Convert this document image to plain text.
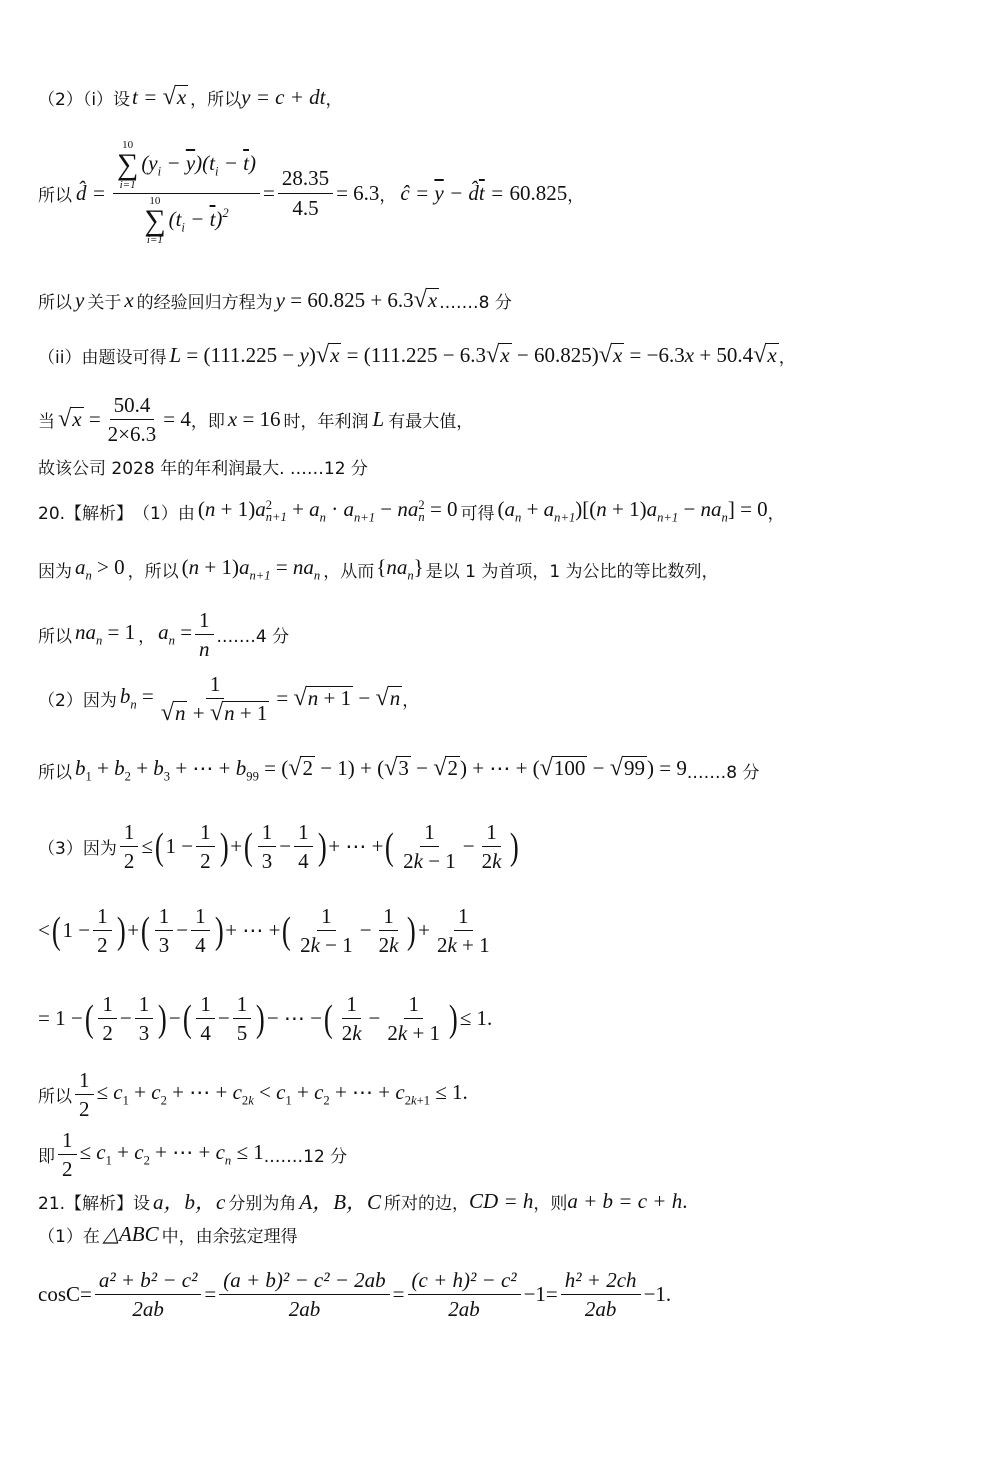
（2）（i）设 t = √ x ，所以 y = c + dt ，
所以 d̂ = 10
∑
i=1
$(y_i - \overline{y})(t_i - \overline{t})$
10
∑
i=1
$(t_i - \overline{t})^2 = \frac{28.35}{4.5} = 6.3$ ， ĉ = $\overline{y}$ − $d̂\overline{t} = 60.825$ ，
所以 y 关于 x 的经验回归方程为 y = 60.825 + 6.3 √ x .……8 分
（ii）由题设可得 L = (111.225 − y) √ x = (111.225 − 6.3 √ x − 60.825) √ x = −6.3x + 50.4 √ x ，
当 √ $x = \frac{50.4}{2\times 6.3} = 4$ ，即 x = 16 时，年利润 L 有最大值，
故该公司 2028 年的年利润最大. ……12 分
20.【解析】 （1）由 (n + 1)a 2
$n+1 + a_n \cdot a_{n+1}$ − na 2
n = 0 可得 $(a_n + a_{n+1})[(n + 1)a_{n+1} - na_n] = 0$ ，
因为 $a_n > 0$ ，所以 $(n + 1)a_{n+1} = na_n$ ，从而 $\{na_n\}$ 是以 1 为首项，1 为公比的等比数列，
所以 $na_n = 1$ ， $a_n = \frac{1}{n}$ .……4 分
（2）因为 $b_n = \frac{1}{√ n + √ n + 1}$ = √ n + 1 − √ n ，
所以 $b_1 + b_2 + b_3$ + ⋯ + $b_{99}$ = ( √ 2 − 1) + ( √ 3 − √ 2 ) + ⋯ + ( √ 100 − √ 99 ) = 9 .……8 分
（3）因为 $\frac{1}{2}$ ≤ ( $1 - \frac{1}{2}$ ) + ( $\frac{1}{3} - \frac{1}{4}$ ) + ⋯ + ( $\frac{1}{2k - 1} - \frac{1}{2k}$ )
< ( $1 - \frac{1}{2}$ ) + ( $\frac{1}{3} - \frac{1}{4}$ ) + ⋯ + ( $\frac{1}{2k - 1} - \frac{1}{2k}$ ) + $\frac{1}{2k + 1}$
= 1 − ( $\frac{1}{2} - \frac{1}{3}$ ) − ( $\frac{1}{4} - \frac{1}{5}$ ) − ⋯ − ( $\frac{1}{2k} - \frac{1}{2k + 1}$ ) ≤ 1.
所以 $\frac{1}{2} \le c_1 + c_2$ + ⋯ + $c_{2k} < c_1 + c_2$ + ⋯ + $c_{2k+1} \le 1$.
即 $\frac{1}{2} \le c_1 + c_2$ + ⋯ + $c_n \le 1$ .……12 分
21.【解析】 设 a，b，c 分别为角 A，B，C 所对的边， CD = h ，则 a + b = c + h .
（1）在 △ABC 中，由余弦定理得
$\cos C = \frac{\text{a² + b² − c²}}{2ab} = \frac{\text{(a + b)² − c² − 2ab}}{2ab} = \frac{\text{(c + h)² − c²}}{2ab} -1 = \frac{\text{h² + 2ch}}{2ab} -1$.
